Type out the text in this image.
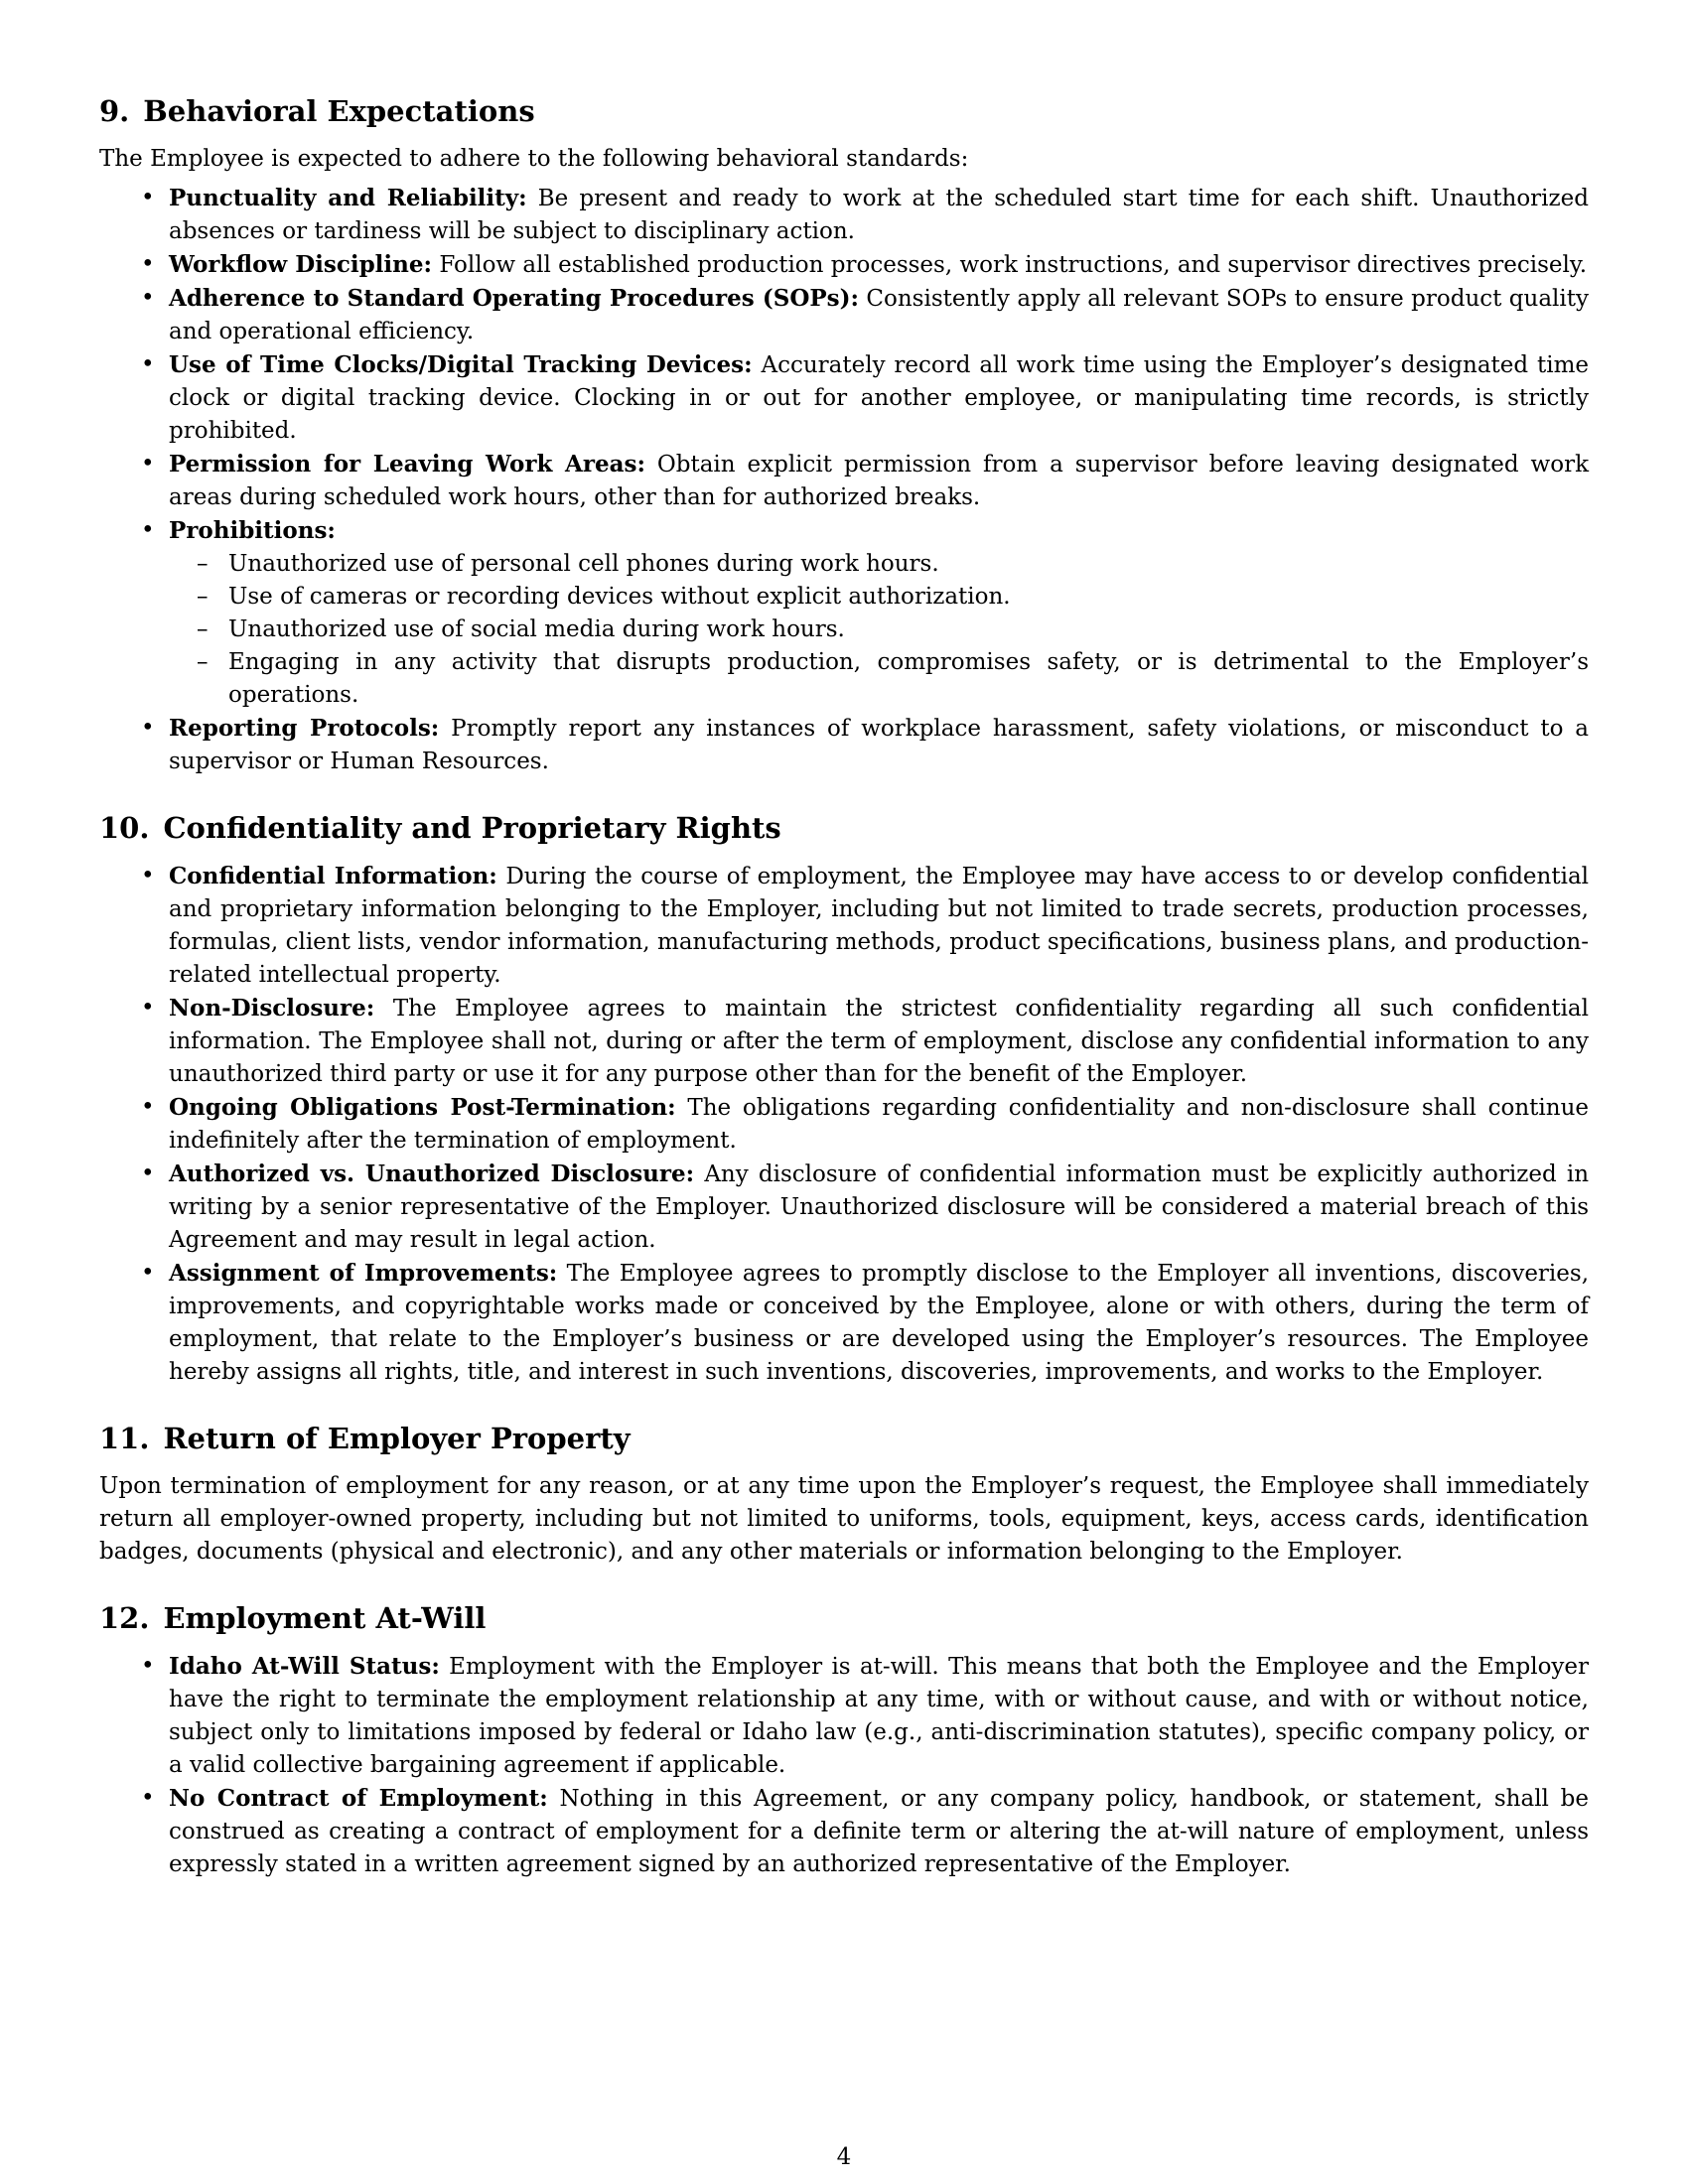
9. Behavioral Expectations

The Employee is expected to adhere to the following behavioral standards:

• Punctuality and Reliability: Be present and ready to work at the scheduled start time for each shift. Unauthorized absences or tardiness will be subject to disciplinary action.
• Workflow Discipline: Follow all established production processes, work instructions, and supervisor directives precisely.
• Adherence to Standard Operating Procedures (SOPs): Consistently apply all relevant SOPs to ensure product quality and operational efficiency.
• Use of Time Clocks/Digital Tracking Devices: Accurately record all work time using the Employer’s designated time clock or digital tracking device. Clocking in or out for another employee, or manipulating time records, is strictly prohibited.
• Permission for Leaving Work Areas: Obtain explicit permission from a supervisor before leaving designated work areas during scheduled work hours, other than for authorized breaks.
• Prohibitions:
– Unauthorized use of personal cell phones during work hours.
– Use of cameras or recording devices without explicit authorization.
– Unauthorized use of social media during work hours.
– Engaging in any activity that disrupts production, compromises safety, or is detrimental to the Employer’s operations.
• Reporting Protocols: Promptly report any instances of workplace harassment, safety violations, or misconduct to a supervisor or Human Resources.
10. Confidentiality and Proprietary Rights
• Confidential Information: During the course of employment, the Employee may have access to or develop confidential and proprietary information belonging to the Employer, including but not limited to trade secrets, production processes, formulas, client lists, vendor information, manufacturing methods, product specifications, business plans, and production-related intellectual property.
• Non-Disclosure: The Employee agrees to maintain the strictest confidentiality regarding all such confidential information. The Employee shall not, during or after the term of employment, disclose any confidential information to any unauthorized third party or use it for any purpose other than for the benefit of the Employer.
• Ongoing Obligations Post-Termination: The obligations regarding confidentiality and non-disclosure shall continue indefinitely after the termination of employment.
• Authorized vs. Unauthorized Disclosure: Any disclosure of confidential information must be explicitly authorized in writing by a senior representative of the Employer. Unauthorized disclosure will be considered a material breach of this Agreement and may result in legal action.
• Assignment of Improvements: The Employee agrees to promptly disclose to the Employer all inventions, discoveries, improvements, and copyrightable works made or conceived by the Employee, alone or with others, during the term of employment, that relate to the Employer’s business or are developed using the Employer’s resources. The Employee hereby assigns all rights, title, and interest in such inventions, discoveries, improvements, and works to the Employer.
11. Return of Employer Property

Upon termination of employment for any reason, or at any time upon the Employer’s request, the Employee shall immediately return all employer-owned property, including but not limited to uniforms, tools, equipment, keys, access cards, identification badges, documents (physical and electronic), and any other materials or information belonging to the Employer.

12. Employment At-Will
• Idaho At-Will Status: Employment with the Employer is at-will. This means that both the Employee and the Employer have the right to terminate the employment relationship at any time, with or without cause, and with or without notice, subject only to limitations imposed by federal or Idaho law (e.g., anti-discrimination statutes), specific company policy, or a valid collective bargaining agreement if applicable.
• No Contract of Employment: Nothing in this Agreement, or any company policy, handbook, or statement, shall be construed as creating a contract of employment for a definite term or altering the at-will nature of employment, unless expressly stated in a written agreement signed by an authorized representative of the Employer.
4
